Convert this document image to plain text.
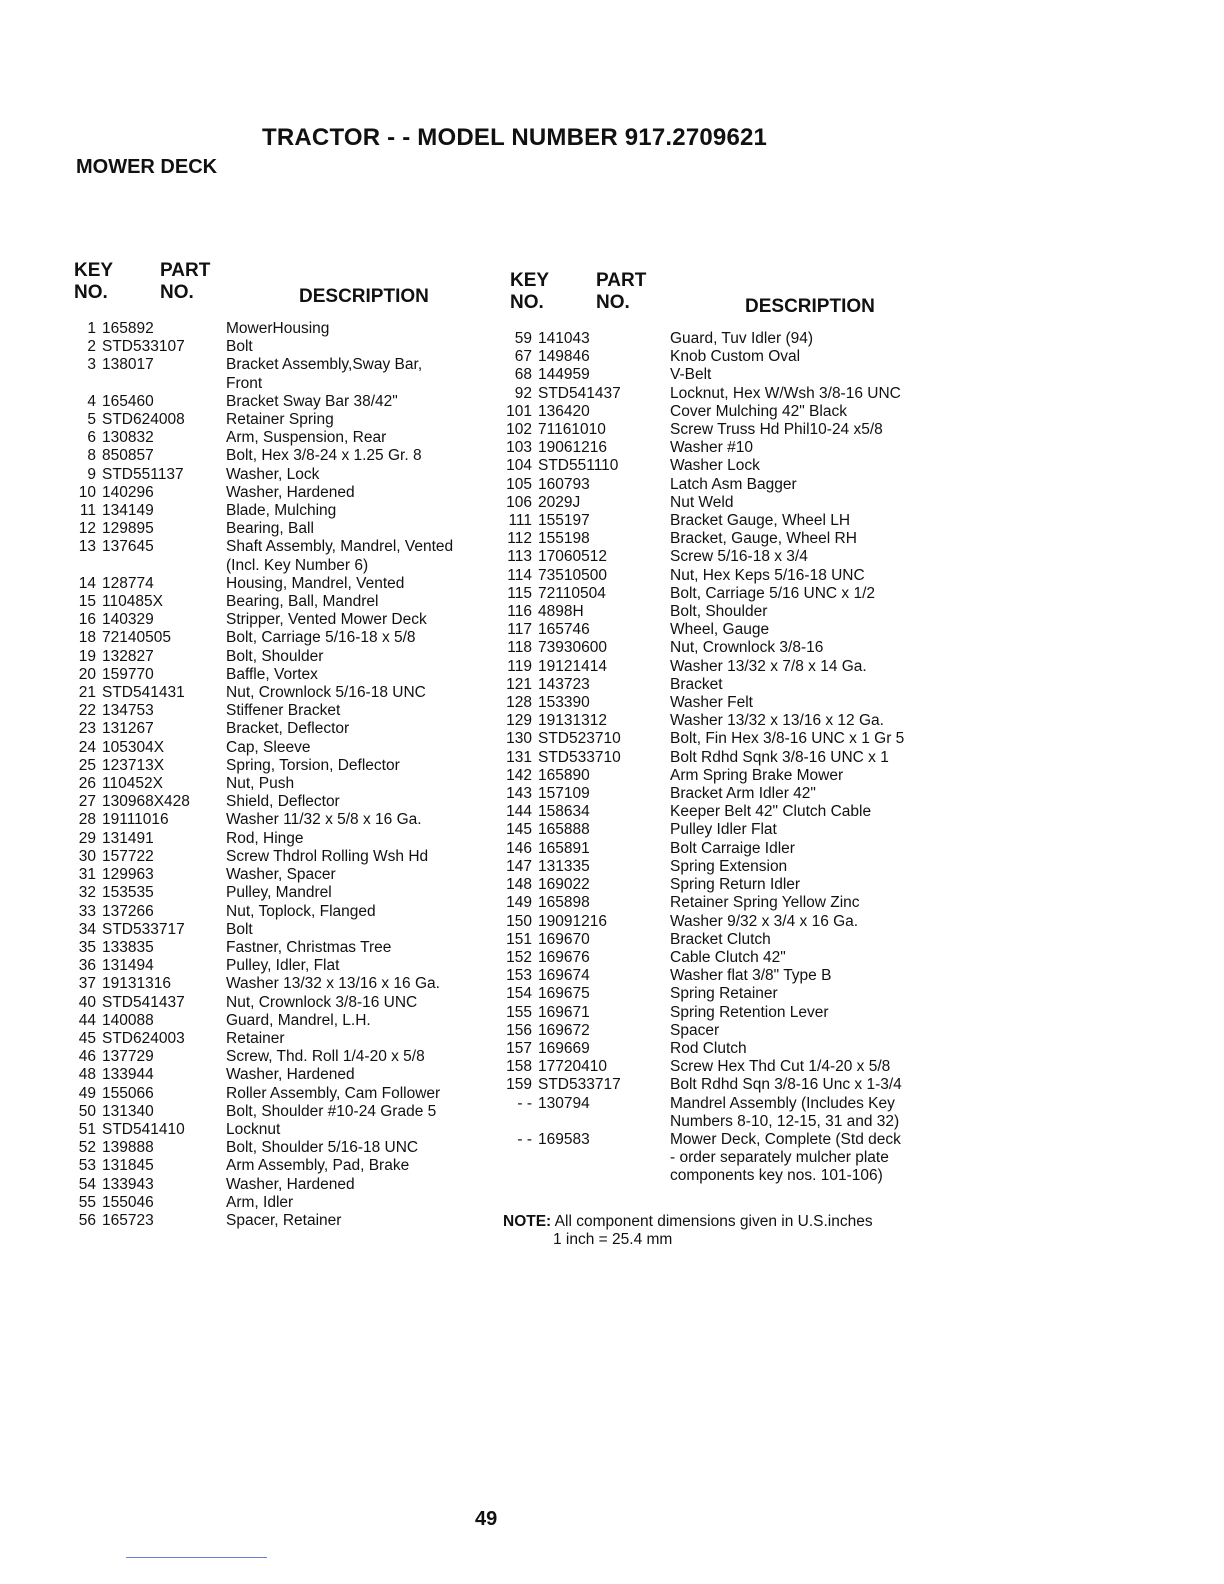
TRACTOR - - MODEL NUMBER 917.2709621
MOWER DECK
KEY
NO.
PART
NO.	DESCRIPTION
1 165892	MowerHousing
2 STD533107	Bolt
3 138017	Bracket Assembly,Sway Bar,
Front
4 165460	Bracket Sway Bar 38/42"
5 STD624008	Retainer Spring
6 130832	Arm, Suspension, Rear
8 850857	Bolt, Hex 3/8-24 x 1.25 Gr. 8
9 STD551137	Washer, Lock
10 140296	Washer, Hardened
11 134149	Blade, Mulching
12 129895	Bearing, Ball
13 137645	Shaft Assembly, Mandrel, Vented
(Incl. Key Number 6)
14 128774	Housing, Mandrel, Vented
15 110485X	Bearing, Ball, Mandrel
16 140329	Stripper, Vented Mower Deck
18 72140505	Bolt, Carriage 5/16-18 x 5/8
19 132827	Bolt, Shoulder
20 159770	Baffle, Vortex
21 STD541431	Nut, Crownlock 5/16-18 UNC
22 134753	Stiffener Bracket
23 131267	Bracket, Deflector
24 105304X	Cap, Sleeve
25 123713X	Spring, Torsion, Deflector
26 110452X	Nut, Push
27 130968X428	Shield, Deflector
28 19111016	Washer 11/32 x 5/8 x 16 Ga.
29 131491	Rod, Hinge
30 157722	Screw Thdrol Rolling Wsh Hd
31 129963	Washer, Spacer
32 153535	Pulley, Mandrel
33 137266	Nut, Toplock, Flanged
34 STD533717	Bolt
35 133835	Fastner, Christmas Tree
36 131494	Pulley, Idler, Flat
37 19131316	Washer 13/32 x 13/16 x 16 Ga.
40 STD541437	Nut, Crownlock 3/8-16 UNC
44 140088	Guard, Mandrel, L.H.
45 STD624003	Retainer
46 137729	Screw, Thd. Roll 1/4-20 x 5/8
48 133944	Washer, Hardened
49 155066	Roller Assembly, Cam Follower
50 131340	Bolt, Shoulder #10-24 Grade 5
51 STD541410	Locknut
52 139888	Bolt, Shoulder 5/16-18 UNC
53 131845	Arm Assembly, Pad, Brake
54 133943	Washer, Hardened
55 155046	Arm, Idler
56 165723	Spacer, Retainer
KEY
NO.
PART
NO.	DESCRIPTION
59 141043	Guard, Tuv Idler (94)
67 149846	Knob Custom Oval
68 144959	V-Belt
92 STD541437	Locknut, Hex W/Wsh 3/8-16 UNC
101 136420	Cover Mulching 42" Black
102 71161010	Screw Truss Hd Phil10-24 x5/8
103 19061216	Washer #10
104 STD551110	Washer Lock
105 160793	Latch Asm Bagger
106 2029J	Nut Weld
111 155197	Bracket Gauge, Wheel LH
112 155198	Bracket, Gauge, Wheel RH
113 17060512	Screw 5/16-18 x 3/4
114 73510500	Nut, Hex Keps 5/16-18 UNC
115 72110504	Bolt, Carriage 5/16 UNC x 1/2
116 4898H	Bolt, Shoulder
117 165746	Wheel, Gauge
118 73930600	Nut, Crownlock 3/8-16
119 19121414	Washer 13/32 x 7/8 x 14 Ga.
121 143723	Bracket
128 153390	Washer Felt
129 19131312	Washer 13/32 x 13/16 x 12 Ga.
130 STD523710	Bolt, Fin Hex 3/8-16 UNC x 1 Gr 5
131 STD533710	Bolt Rdhd Sqnk 3/8-16 UNC x 1
142 165890	Arm Spring Brake Mower
143 157109	Bracket Arm Idler 42"
144 158634	Keeper Belt 42" Clutch Cable
145 165888	Pulley Idler Flat
146 165891	Bolt Carraige Idler
147 131335	Spring Extension
148 169022	Spring Return Idler
149 165898	Retainer Spring Yellow Zinc
150 19091216	Washer 9/32 x 3/4 x 16 Ga.
151 169670	Bracket Clutch
152 169676	Cable Clutch 42"
153 169674	Washer flat 3/8" Type B
154 169675	Spring Retainer
155 169671	Spring Retention Lever
156 169672	Spacer
157 169669	Rod Clutch
158 17720410	Screw Hex Thd Cut 1/4-20 x 5/8
159 STD533717	Bolt Rdhd Sqn 3/8-16 Unc x 1-3/4
- - 130794	Mandrel Assembly (Includes Key
Numbers 8-10, 12-15, 31 and 32)
- - 169583	Mower Deck, Complete (Std deck
- order separately mulcher plate
components key nos. 101-106)
NOTE: All component dimensions given in U.S.inches
1 inch = 25.4 mm
49
